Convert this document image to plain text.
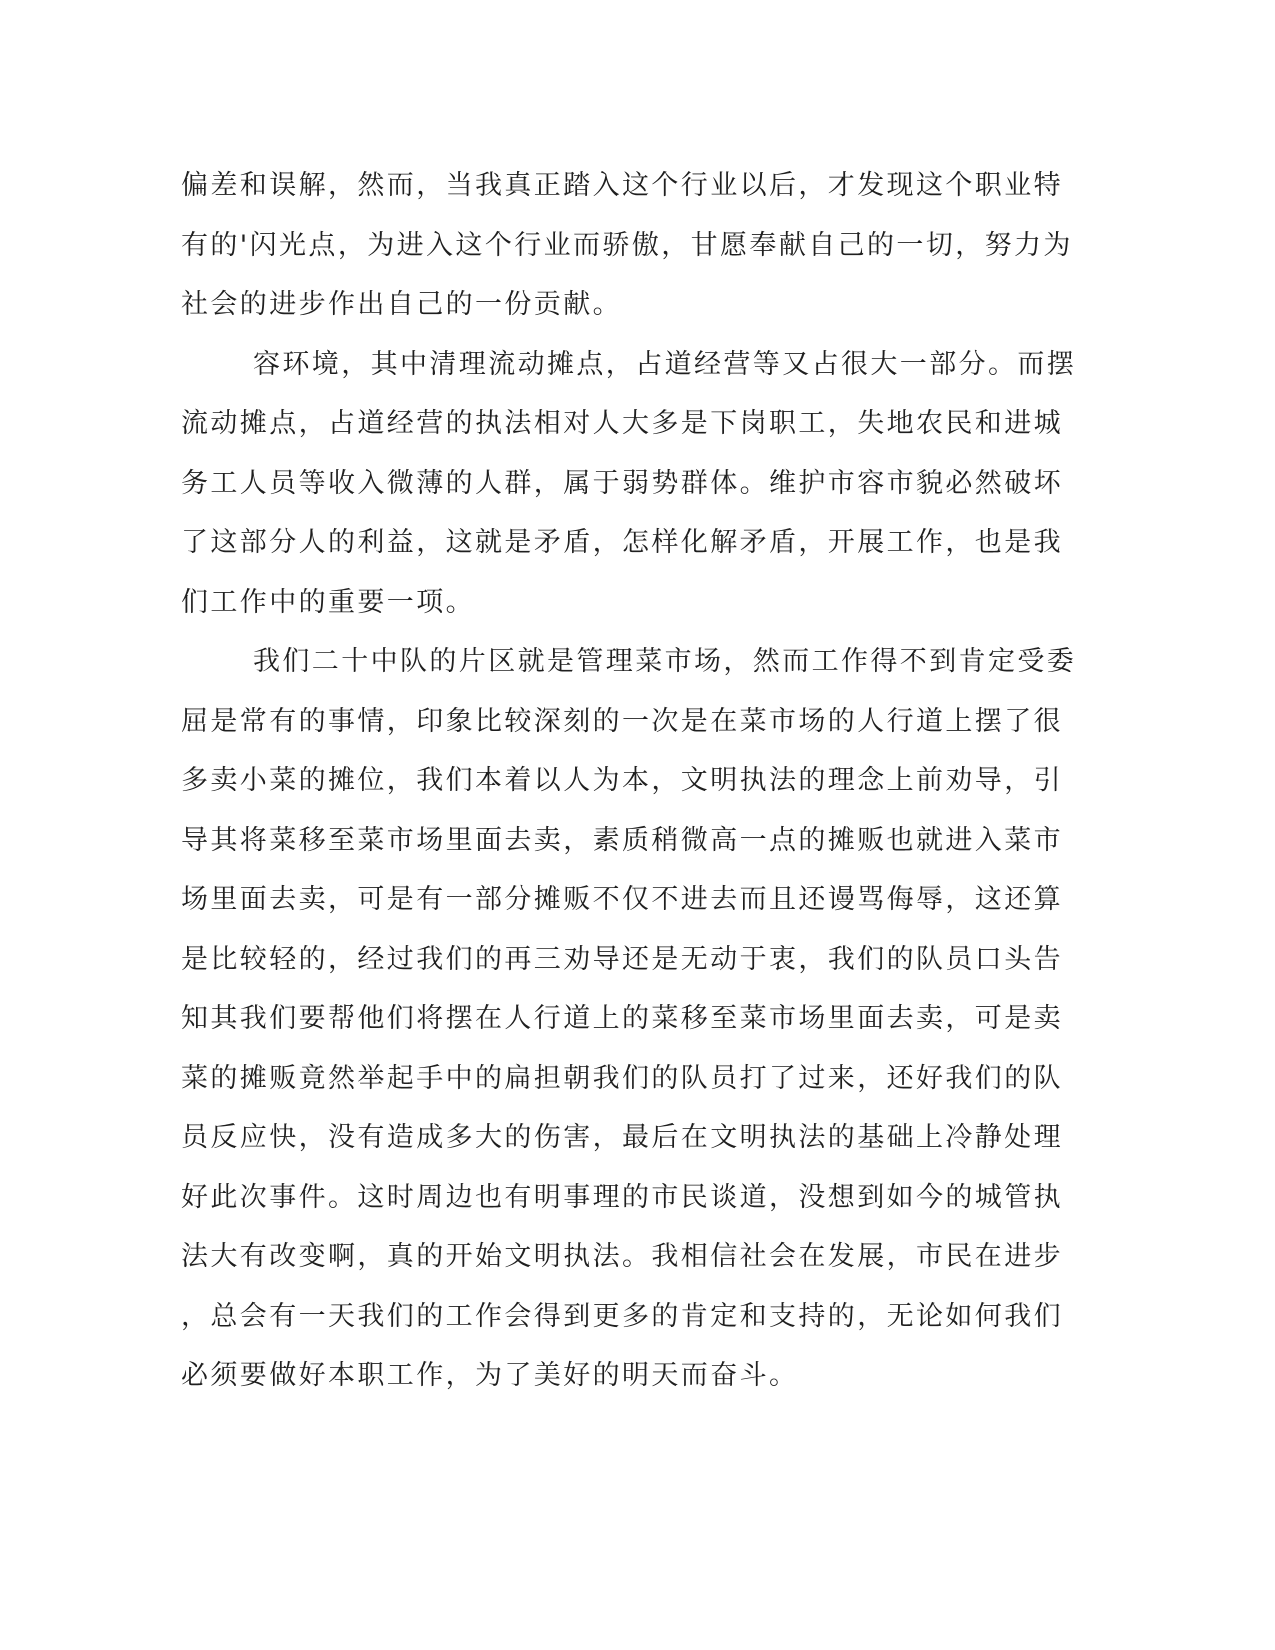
偏差和误解，然而，当我真正踏入这个行业以后，才发现这个职业特
有的'闪光点，为进入这个行业而骄傲，甘愿奉献自己的一切，努力为
社会的进步作出自己的一份贡献。
容环境，其中清理流动摊点，占道经营等又占很大一部分。而摆
流动摊点，占道经营的执法相对人大多是下岗职工，失地农民和进城
务工人员等收入微薄的人群，属于弱势群体。维护市容市貌必然破坏
了这部分人的利益，这就是矛盾，怎样化解矛盾，开展工作，也是我
们工作中的重要一项。
我们二十中队的片区就是管理菜市场，然而工作得不到肯定受委
屈是常有的事情，印象比较深刻的一次是在菜市场的人行道上摆了很
多卖小菜的摊位，我们本着以人为本，文明执法的理念上前劝导，引
导其将菜移至菜市场里面去卖，素质稍微高一点的摊贩也就进入菜市
场里面去卖，可是有一部分摊贩不仅不进去而且还谩骂侮辱，这还算
是比较轻的，经过我们的再三劝导还是无动于衷，我们的队员口头告
知其我们要帮他们将摆在人行道上的菜移至菜市场里面去卖，可是卖
菜的摊贩竟然举起手中的扁担朝我们的队员打了过来，还好我们的队
员反应快，没有造成多大的伤害，最后在文明执法的基础上冷静处理
好此次事件。这时周边也有明事理的市民谈道，没想到如今的城管执
法大有改变啊，真的开始文明执法。我相信社会在发展，市民在进步
，总会有一天我们的工作会得到更多的肯定和支持的，无论如何我们
必须要做好本职工作，为了美好的明天而奋斗。
